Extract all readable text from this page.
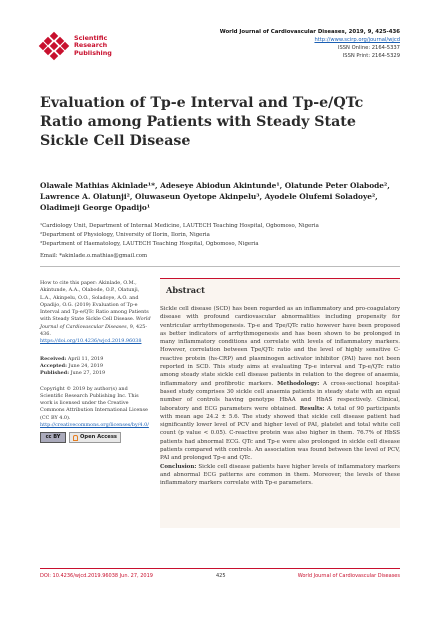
Scientific
Research
Publishing
World Journal of Cardiovascular Diseases, 2019, 9, 425-436
http://www.scirp.org/journal/wjcd
ISSN Online: 2164-5337
ISSN Print: 2164-5329
Evaluation of Tp-e Interval and Tp-e/QTc Ratio among Patients with Steady State Sickle Cell Disease
Olawale Mathias Akinlade¹*, Adeseye Abiodun Akintunde¹, Olatunde Peter Olabode², Lawrence A. Olatunji², Oluwaseun Oyetope Akinpelu³, Ayodele Olufemi Soladoye², Oladimeji George Opadijo¹
¹Cardiology Unit, Department of Internal Medicine, LAUTECH Teaching Hospital, Ogbomoso, Nigeria
²Department of Physiology, University of Ilorin, Ilorin, Nigeria
³Department of Haematology, LAUTECH Teaching Hospital, Ogbomoso, Nigeria
Email: *akinlade.o.mathias@gmail.com
How to cite this paper: Akinlade, O.M., Akintunde, A.A., Olabode, O.P., Olatunji, L.A., Akinpelu, O.O., Soladoye, A.O. and Opadijo, O.G. (2019) Evaluation of Tp-e Interval and Tp-e/QTc Ratio among Patients with Steady State Sickle Cell Disease. World Journal of Cardiovascular Diseases, 9, 425-436.
https://doi.org/10.4236/wjcd.2019.96038
Received: April 11, 2019
Accepted: June 24, 2019
Published: June 27, 2019
Copyright © 2019 by author(s) and Scientific Research Publishing Inc. This work is licensed under the Creative Commons Attribution International License (CC BY 4.0).
http://creativecommons.org/licenses/by/4.0/
cc BY	Open Access
Abstract

Sickle cell disease (SCD) has been regarded as an inflammatory and pro-coagulatory disease with profound cardiovascular abnormalities including propensity for ventricular arrhythmogenesis. Tp-e and Tpe/QTc ratio however have been proposed as better indicators of arrhythmogenesis and has been shown to be prolonged in many inflammatory conditions and correlate with levels of inflammatory markers. However, correlation between Tpe/QTc ratio and the level of highly sensitive C-reactive protein (hs-CRP) and plasminogen activator inhibitor (PAI) have not been reported in SCD. This study aims at evaluating Tp-e interval and Tp-e/QTc ratio among steady state sickle cell disease patients in relation to the degree of anaemia, inflammatory and profibrotic markers. Methodology: A cross-sectional hospital-based study comprises 30 sickle cell anaemia patients in steady state with an equal number of controls having genotype HbAA and HbAS respectively. Clinical, laboratory and ECG parameters were obtained. Results: A total of 90 participants with mean age 24.2 ± 5.6. The study showed that sickle cell disease patient had significantly lower level of PCV and higher level of PAI, platelet and total white cell count (p value < 0.05). C-reactive protein was also higher in them. 76.7% of HbSS patients had abnormal ECG. QTc and Tp-e were also prolonged in sickle cell disease patients compared with controls. An association was found between the level of PCV, PAI and prolonged Tp-e and QTc.
Conclusion: Sickle cell disease patients have higher levels of inflammatory markers and abnormal ECG patterns are common in them. Moreover, the levels of these inflammatory markers correlate with Tp-e parameters.

DOI: 10.4236/wjcd.2019.96038 Jun. 27, 2019	425	World Journal of Cardiovascular Diseases
